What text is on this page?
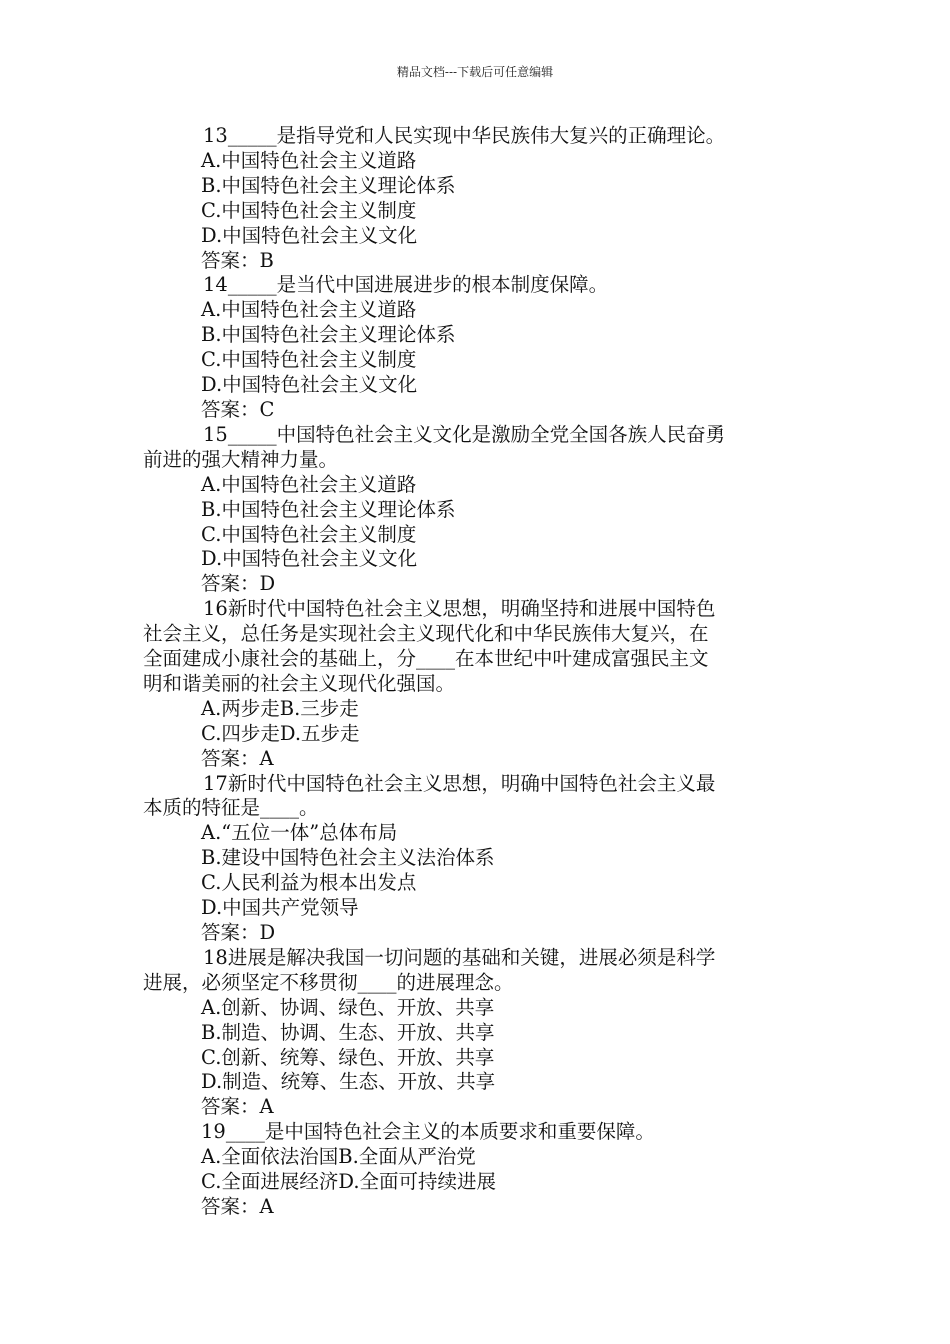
精品文档---下载后可任意编辑
13_____是指导党和人民实现中华民族伟大复兴的正确理论。
A.中国特色社会主义道路
B.中国特色社会主义理论体系
C.中国特色社会主义制度
D.中国特色社会主义文化
答案：B
14_____是当代中国进展进步的根本制度保障。
A.中国特色社会主义道路
B.中国特色社会主义理论体系
C.中国特色社会主义制度
D.中国特色社会主义文化
答案：C
15_____中国特色社会主义文化是激励全党全国各族人民奋勇
前进的强大精神力量。
A.中国特色社会主义道路
B.中国特色社会主义理论体系
C.中国特色社会主义制度
D.中国特色社会主义文化
答案：D
16新时代中国特色社会主义思想，明确坚持和进展中国特色
社会主义，总任务是实现社会主义现代化和中华民族伟大复兴，在
全面建成小康社会的基础上，分____在本世纪中叶建成富强民主文
明和谐美丽的社会主义现代化强国。
A.两步走B.三步走
C.四步走D.五步走
答案：A
17新时代中国特色社会主义思想，明确中国特色社会主义最
本质的特征是____。
A.“五位一体”总体布局
B.建设中国特色社会主义法治体系
C.人民利益为根本出发点
D.中国共产党领导
答案：D
18进展是解决我国一切问题的基础和关键，进展必须是科学
进展，必须坚定不移贯彻____的进展理念。
A.创新、协调、绿色、开放、共享
B.制造、协调、生态、开放、共享
C.创新、统筹、绿色、开放、共享
D.制造、统筹、生态、开放、共享
答案：A
19____是中国特色社会主义的本质要求和重要保障。
A.全面依法治国B.全面从严治党
C.全面进展经济D.全面可持续进展
答案：A
